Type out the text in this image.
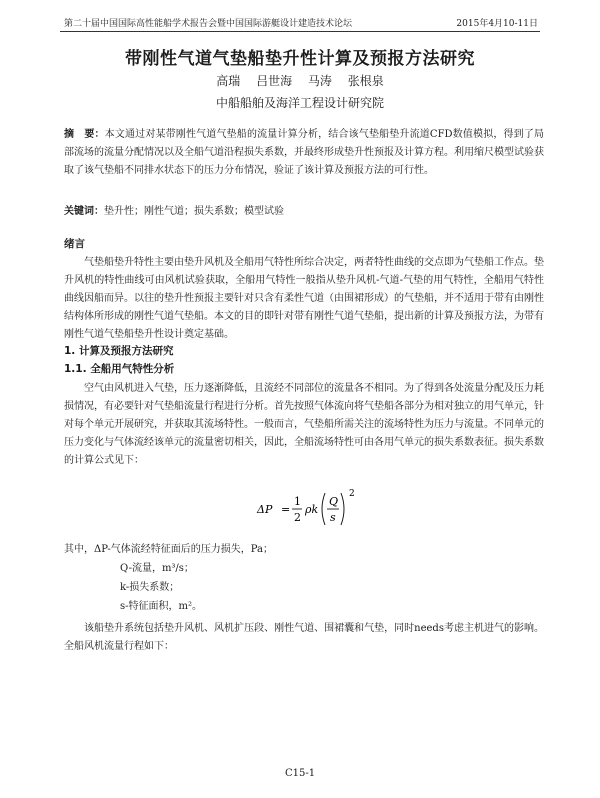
第二十届中国国际高性能船学术报告会暨中国国际游艇设计建造技术论坛	2015年4月10-11日
带刚性气道气垫船垫升性计算及预报方法研究
高瑞 吕世海 马涛 张根泉
中船船舶及海洋工程设计研究院
摘　要：本文通过对某带刚性气道气垫船的流量计算分析，结合该气垫船垫升流道CFD数值模拟，得到了局部流场的流量分配情况以及全船气道沿程损失系数，并最终形成垫升性预报及计算方程。利用缩尺模型试验获取了该气垫船不同排水状态下的压力分布情况，验证了该计算及预报方法的可行性。
关键词：垫升性；刚性气道；损失系数；模型试验
绪言
气垫船垫升特性主要由垫升风机及全船用气特性所综合决定，两者特性曲线的交点即为气垫船工作点。垫升风机的特性曲线可由风机试验获取，全船用气特性一般指从垫升风机-气道-气垫的用气特性，全船用气特性曲线因船而异。以往的垫升性预报主要针对只含有柔性气道（由围裙形成）的气垫船，并不适用于带有由刚性结构体所形成的刚性气道气垫船。本文的目的即针对带有刚性气道气垫船，提出新的计算及预报方法，为带有刚性气道气垫船垫升性设计奠定基础。
1. 计算及预报方法研究
1.1. 全船用气特性分析
空气由风机进入气垫，压力逐渐降低，且流经不同部位的流量各不相同。为了得到各处流量分配及压力耗损情况，有必要针对气垫船流量行程进行分析。首先按照气体流向将气垫船各部分为相对独立的用气单元，针对每个单元开展研究，并获取其流场特性。一般而言，气垫船所需关注的流场特性为压力与流量。不同单元的压力变化与气体流经该单元的流量密切相关，因此，全船流场特性可由各用气单元的损失系数表征。损失系数的计算公式见下：
ΔP =
1
2
ρk
Q
s
2
其中，ΔP-气体流经特征面后的压力损失，Pa；
Q-流量，m³/s；
k-损失系数；
s-特征面积，m²。
该船垫升系统包括垫升风机、风机扩压段、刚性气道、围裙囊和气垫，同时needs考虑主机进气的影响。全船风机流量行程如下：
C15-1
